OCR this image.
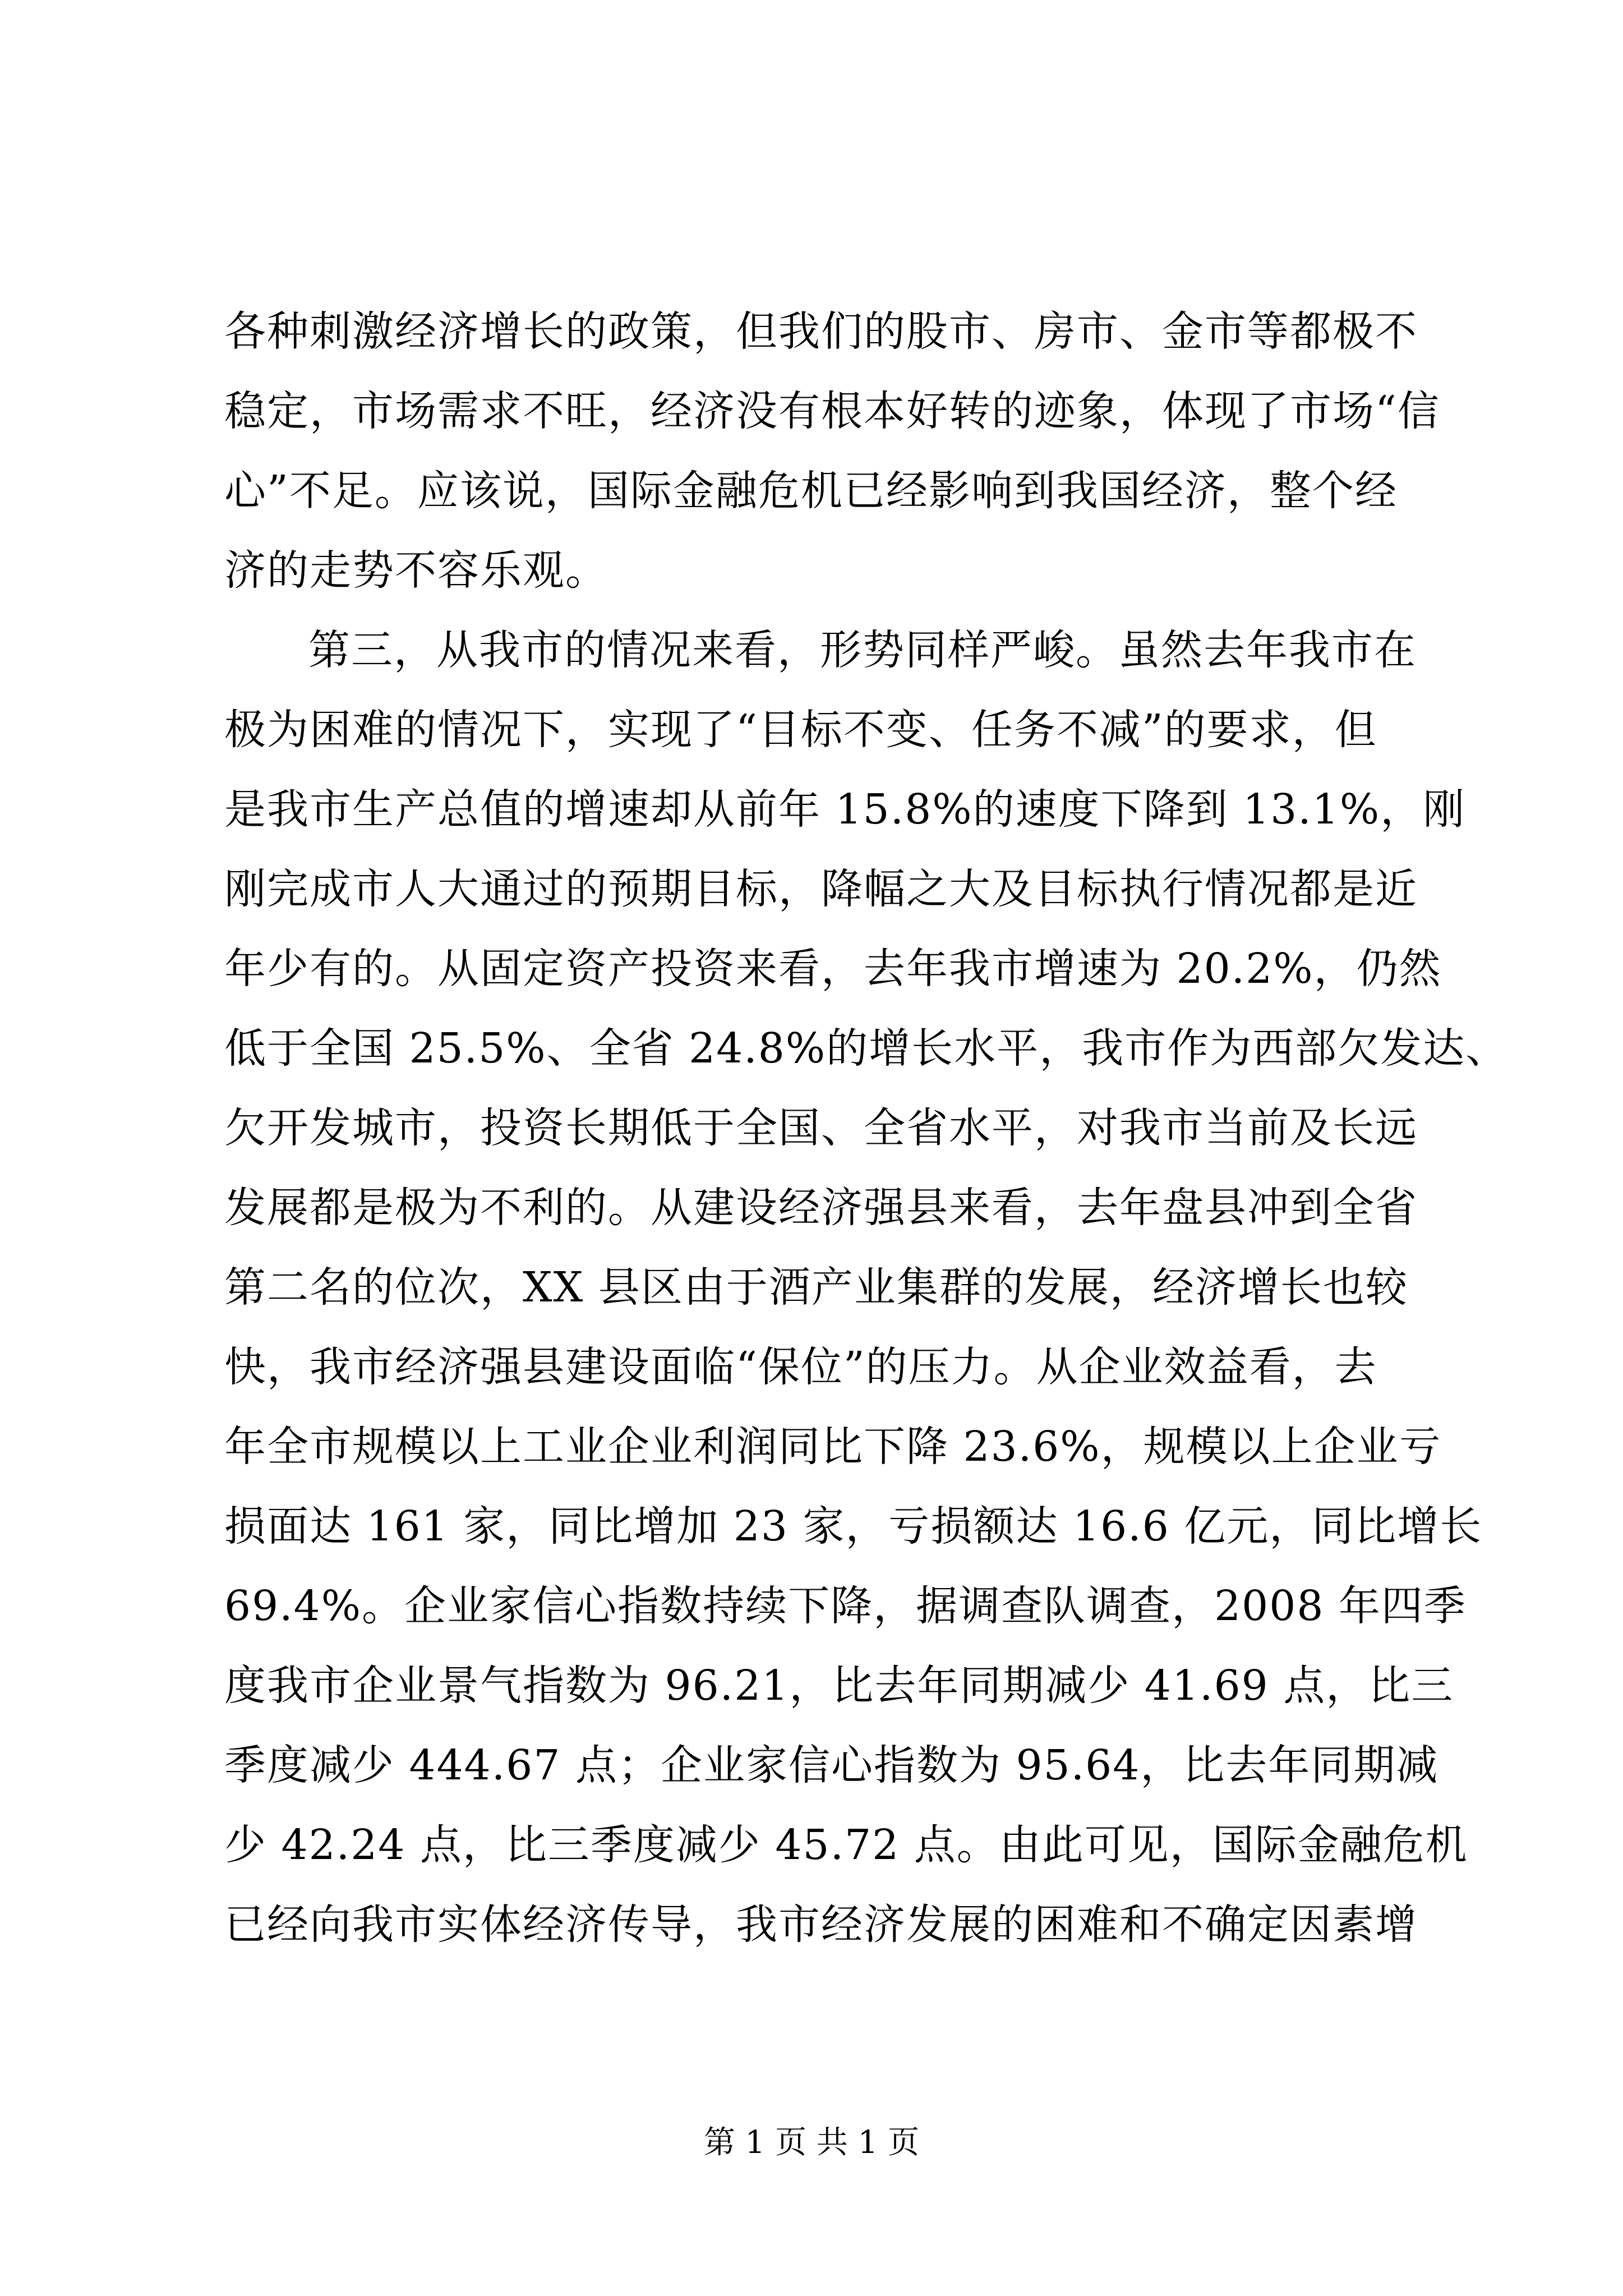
各种刺激经济增长的政策，但我们的股市、房市、金市等都极不
稳定，市场需求不旺，经济没有根本好转的迹象，体现了市场“信
心”不足。应该说，国际金融危机已经影响到我国经济，整个经
济的走势不容乐观。
第三，从我市的情况来看，形势同样严峻。虽然去年我市在
极为困难的情况下，实现了“目标不变、任务不减”的要求，但
是我市生产总值的增速却从前年 15.8%的速度下降到 13.1%，刚
刚完成市人大通过的预期目标，降幅之大及目标执行情况都是近
年少有的。从固定资产投资来看，去年我市增速为 20.2%，仍然
低于全国 25.5%、全省 24.8%的增长水平，我市作为西部欠发达、
欠开发城市，投资长期低于全国、全省水平，对我市当前及长远
发展都是极为不利的。从建设经济强县来看，去年盘县冲到全省
第二名的位次，XX 县区由于酒产业集群的发展，经济增长也较
快，我市经济强县建设面临“保位”的压力。从企业效益看，去
年全市规模以上工业企业利润同比下降 23.6%，规模以上企业亏
损面达 161 家，同比增加 23 家，亏损额达 16.6 亿元，同比增长
69.4%。企业家信心指数持续下降，据调查队调查，2008 年四季
度我市企业景气指数为 96.21，比去年同期减少 41.69 点，比三
季度减少 444.67 点；企业家信心指数为 95.64，比去年同期减
少 42.24 点，比三季度减少 45.72 点。由此可见，国际金融危机
已经向我市实体经济传导，我市经济发展的困难和不确定因素增
第 1 页 共 1 页
